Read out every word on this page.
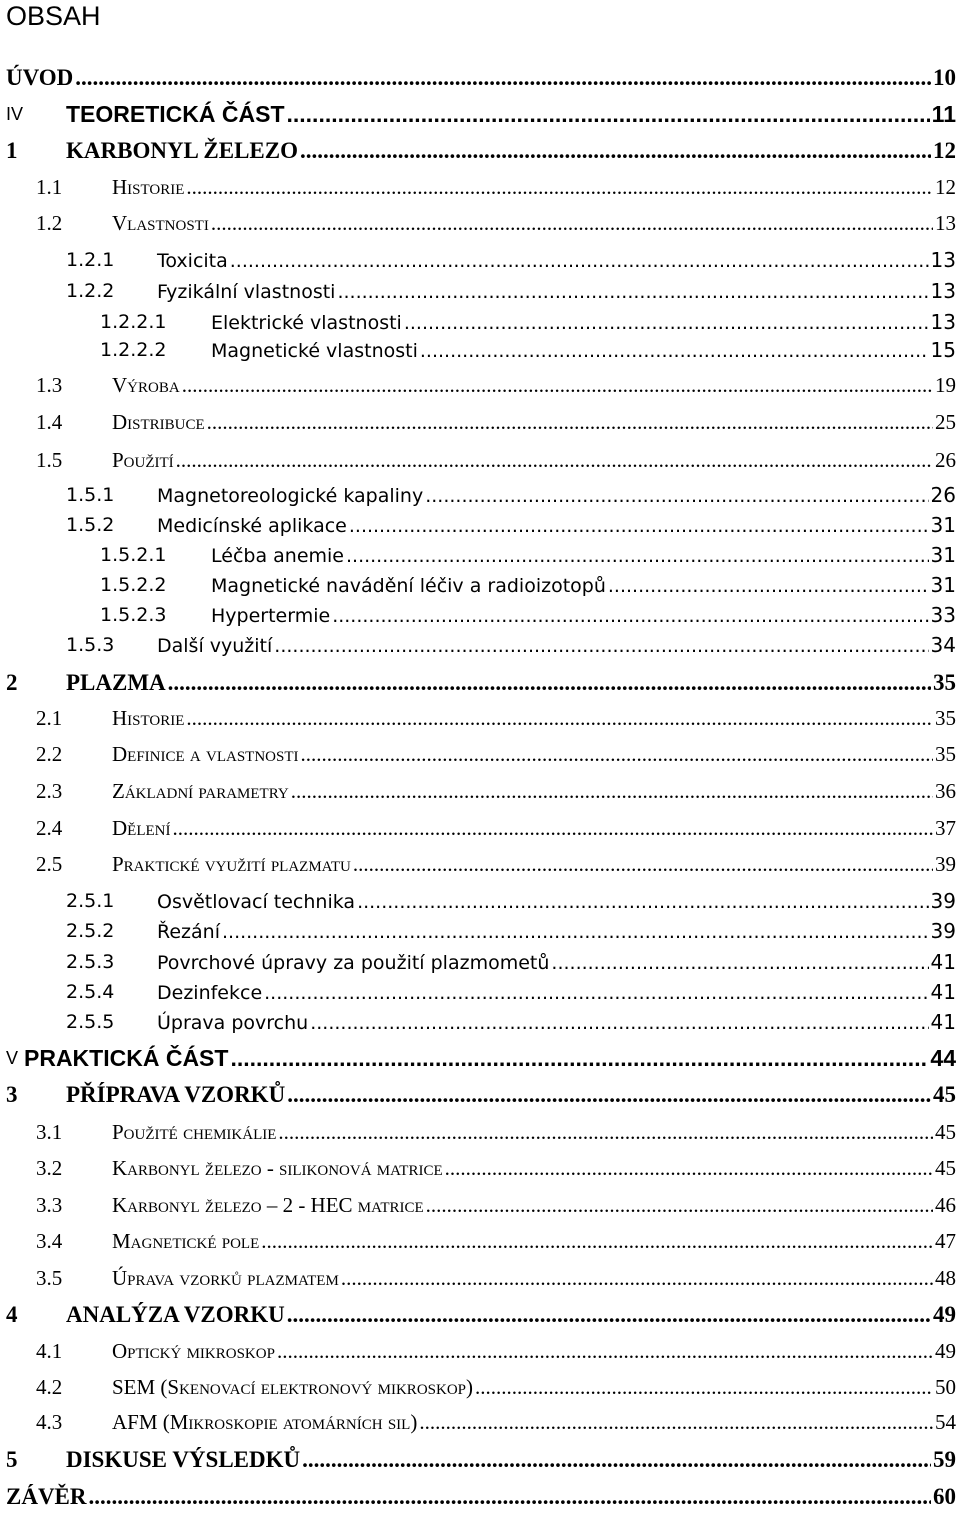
OBSAH
ÚVOD .....	10
IV TEORETICKÁ ČÁST .....	11
1 KARBONYL ŽELEZO .....	12
1.1 Historie .....	12
1.2 Vlastnosti .....	13
1.2.1 Toxicita .....	13
1.2.2 Fyzikální vlastnosti .....	13
1.2.2.1 Elektrické vlastnosti .....	13
1.2.2.2 Magnetické vlastnosti .....	15
1.3 Výroba .....	19
1.4 Distribuce .....	25
1.5 Použití .....	26
1.5.1 Magnetoreologické kapaliny .....	26
1.5.2 Medicínské aplikace .....	31
1.5.2.1 Léčba anemie .....	31
1.5.2.2 Magnetické navádění léčiv a radioizotopů .....	31
1.5.2.3 Hypertermie .....	33
1.5.3 Další využití .....	34
2 PLAZMA .....	35
2.1 Historie .....	35
2.2 Definice a vlastnosti .....	35
2.3 Základní parametry .....	36
2.4 Dělení .....	37
2.5 Praktické využití plazmatu .....	39
2.5.1 Osvětlovací technika .....	39
2.5.2 Řezání .....	39
2.5.3 Povrchové úpravy za použití plazmometů .....	41
2.5.4 Dezinfekce .....	41
2.5.5 Úprava povrchu .....	41
V PRAKTICKÁ ČÁST .....	44
3 PŘÍPRAVA VZORKŮ .....	45
3.1 Použité chemikálie .....	45
3.2 Karbonyl železo - silikonová matrice .....	45
3.3 Karbonyl železo – 2 - HEC matrice .....	46
3.4 Magnetické pole .....	47
3.5 Úprava vzorků plazmatem .....	48
4 ANALÝZA VZORKU .....	49
4.1 Optický mikroskop .....	49
4.2 SEM (Skenovací elektronový mikroskop) .....	50
4.3 AFM (Mikroskopie atomárních sil) .....	54
5 DISKUSE VÝSLEDKŮ .....	59
ZÁVĚR .....	60
